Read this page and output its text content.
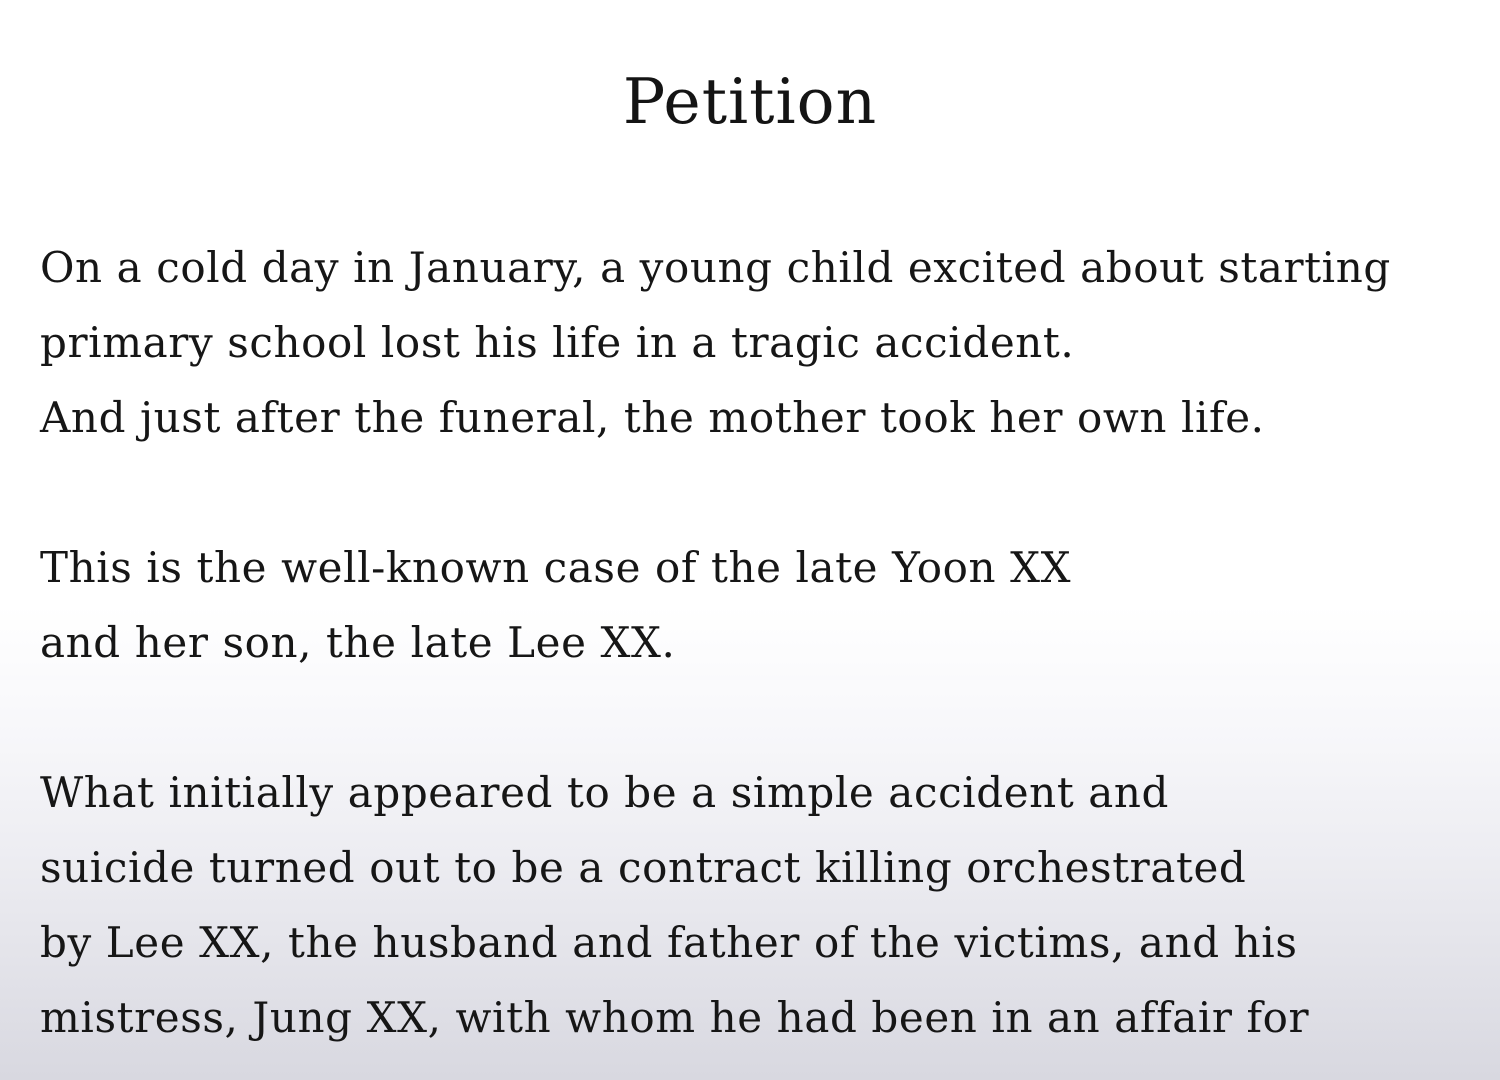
Petition
On a cold day in January, a young child excited about starting
primary school lost his life in a tragic accident.
And just after the funeral, the mother took her own life.
This is the well-known case of the late Yoon XX
and her son, the late Lee XX.
What initially appeared to be a simple accident and
suicide turned out to be a contract killing orchestrated
by Lee XX, the husband and father of the victims, and his
mistress, Jung XX, with whom he had been in an affair for
